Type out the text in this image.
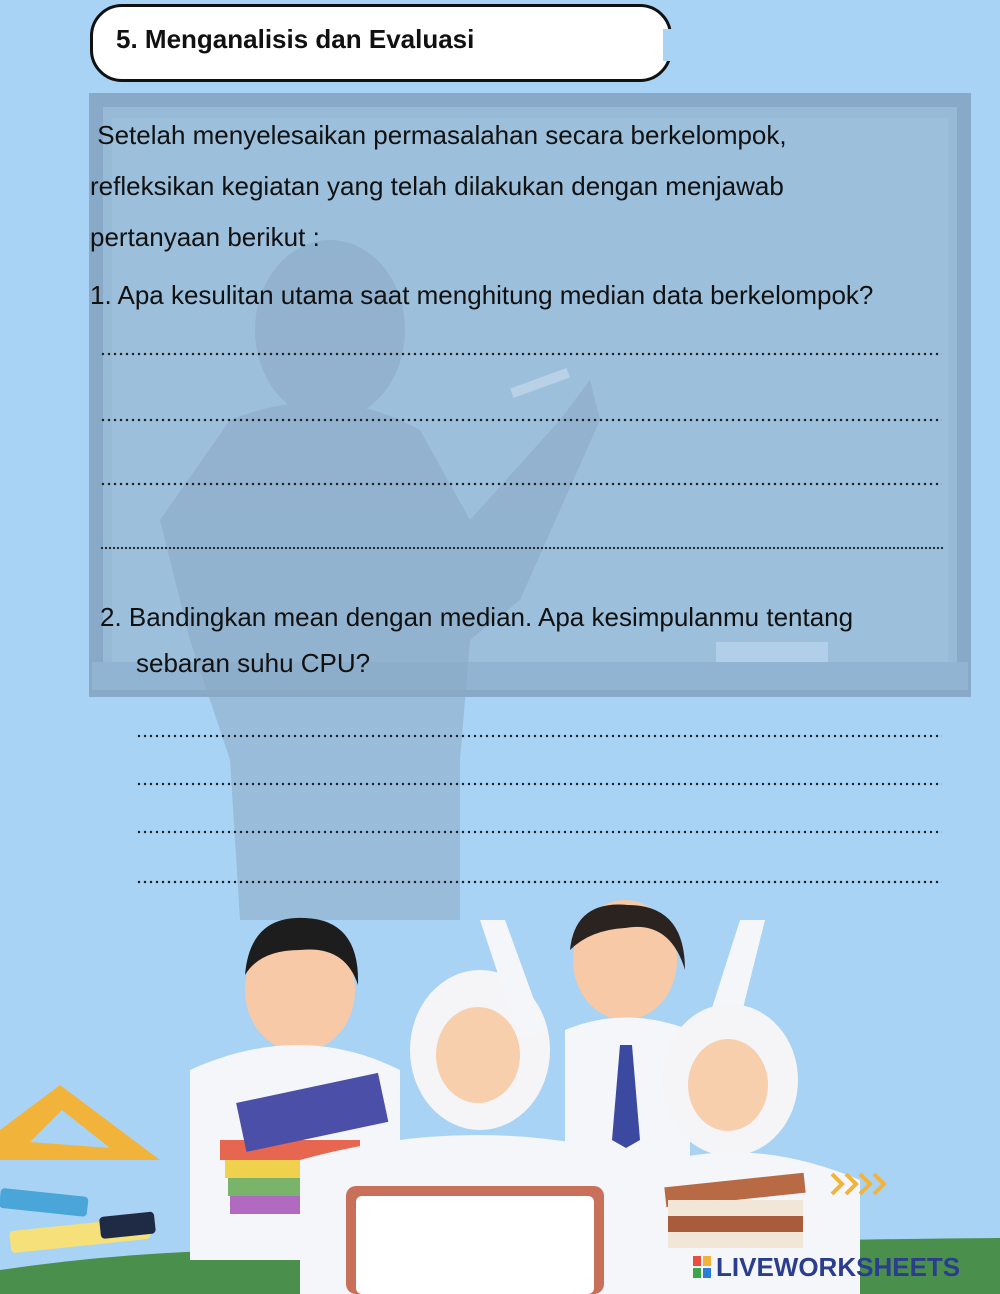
5. Menganalisis dan Evaluasi
Setelah menyelesaikan permasalahan secara berkelompok,
refleksikan kegiatan yang telah dilakukan dengan menjawab
pertanyaan berikut :
1. Apa kesulitan utama saat menghitung median data berkelompok?
2. Bandingkan mean dengan median. Apa kesimpulanmu tentang
sebaran suhu CPU?
LIVEWORKSHEETS
